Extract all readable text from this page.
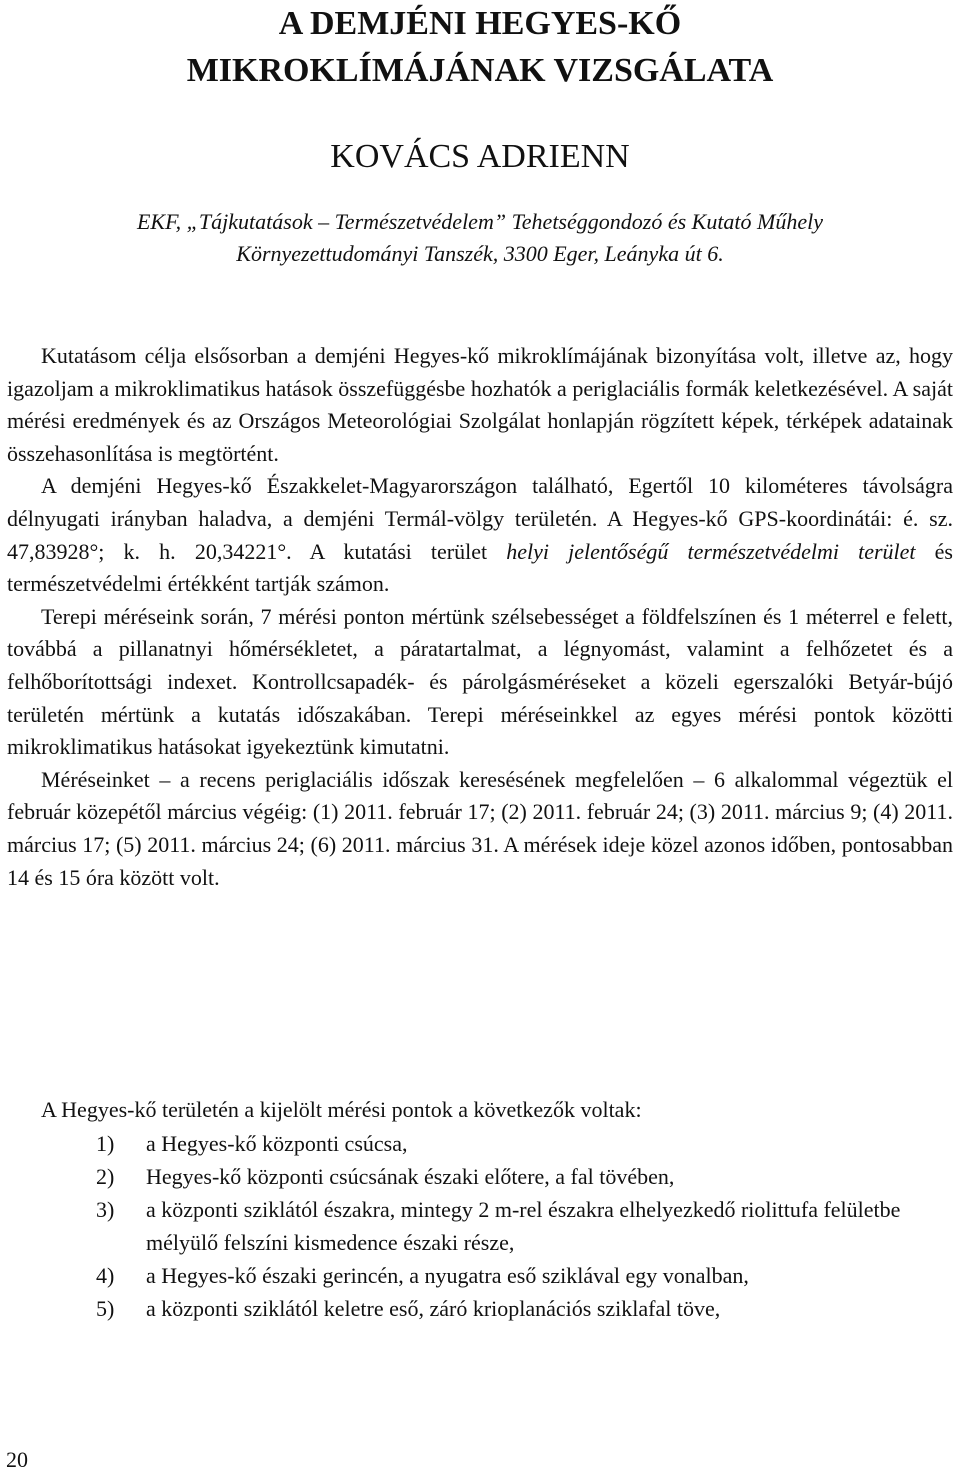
A DEMJÉNI HEGYES-KŐ
MIKROKLÍMÁJÁNAK VIZSGÁLATA

KOVÁCS ADRIENN

EKF, „Tájkutatások – Természetvédelem” Tehetséggondozó és Kutató Műhely
Környezettudományi Tanszék, 3300 Eger, Leányka út 6.

Kutatásom célja elsősorban a demjéni Hegyes-kő mikroklímájának bizonyítása volt, illetve az, hogy igazoljam a mikroklimatikus hatások összefüggésbe hozhatók a periglaciális formák keletkezésével. A saját mérési eredmények és az Országos Meteorológiai Szolgálat honlapján rögzített képek, térképek adatainak összehasonlítása is megtörtént.

A demjéni Hegyes-kő Északkelet-Magyarországon található, Egertől 10 kilométeres távolságra délnyugati irányban haladva, a demjéni Termál-völgy területén. A Hegyes-kő GPS-koordinátái: é. sz. 47,83928°; k. h. 20,34221°. A kutatási terület helyi jelentőségű természetvédelmi terület és természetvédelmi értékként tartják számon.

Terepi méréseink során, 7 mérési ponton mértünk szélsebességet a földfelszínen és 1 méterrel e felett, továbbá a pillanatnyi hőmérsékletet, a páratartalmat, a légnyomást, valamint a felhőzetet és a felhőborítottsági indexet. Kontrollcsapadék- és párolgásméréseket a közeli egerszalóki Betyár-bújó területén mértünk a kutatás időszakában. Terepi méréseinkkel az egyes mérési pontok közötti mikroklimatikus hatásokat igyekeztünk kimutatni.

Méréseinket – a recens periglaciális időszak keresésének megfelelően – 6 alkalommal végeztük el február közepétől március végéig: (1) 2011. február 17; (2) 2011. február 24; (3) 2011. március 9; (4) 2011. március 17; (5) 2011. március 24; (6) 2011. március 31. A mérések ideje közel azonos időben, pontosabban 14 és 15 óra között volt.

A Hegyes-kő területén a kijelölt mérési pontok a következők voltak:

1) a Hegyes-kő központi csúcsa,
2) Hegyes-kő központi csúcsának északi előtere, a fal tövében,
3) a központi sziklától északra, mintegy 2 m-rel északra elhelyezkedő riolittufa felületbe mélyülő felszíni kismedence északi része,
4) a Hegyes-kő északi gerincén, a nyugatra eső sziklával egy vonalban,
5) a központi sziklától keletre eső, záró krioplanációs sziklafal töve,

20
